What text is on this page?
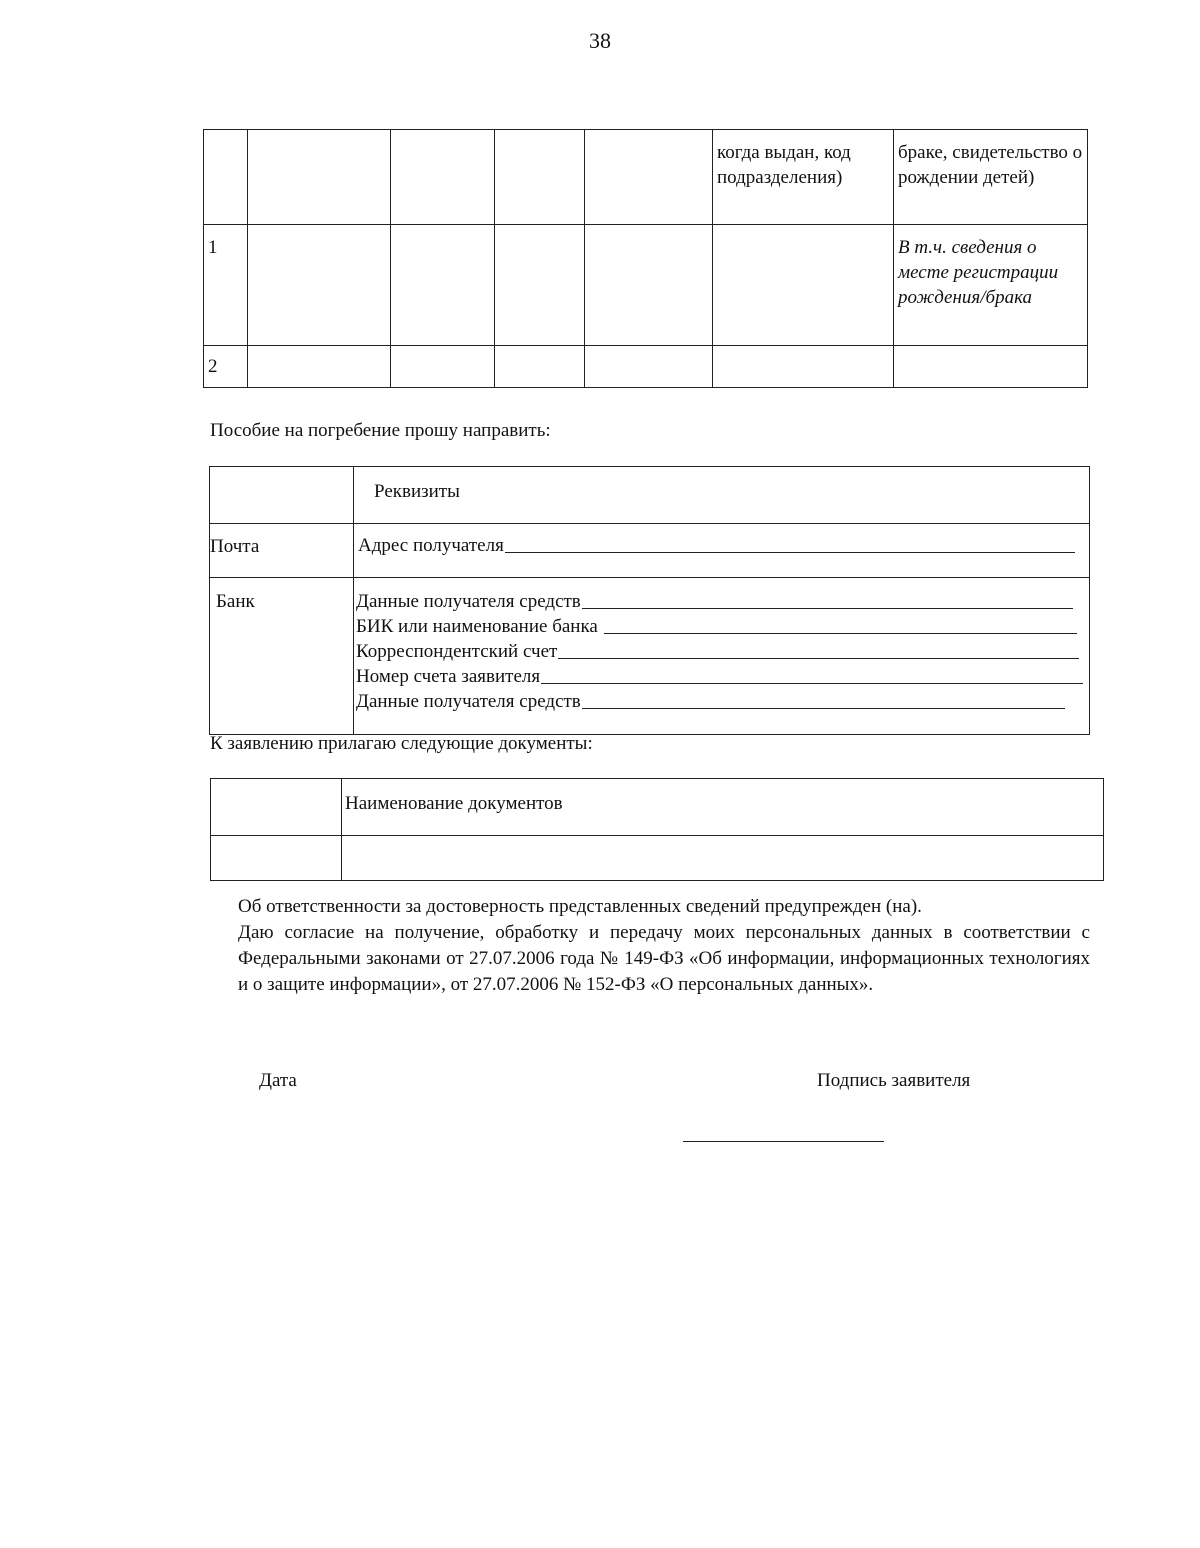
38
					когда выдан, код подразделения)	браке, свидетельство о рождении детей)
1						В т.ч. сведения о месте регистрации рождения/брака
2						
Пособие на погребение прошу направить:
	Реквизиты
Почта	Адрес получателя

Банк	Данные получателя средств
БИК или наименование банка
Корреспондентский счет
Номер счета заявителя
Данные получателя средств
К заявлению прилагаю следующие документы:
	Наименование документов

Об ответственности за достоверность представленных сведений предупрежден (на).

Даю согласие на получение, обработку и передачу моих персональных данных в соответствии с Федеральными законами от 27.07.2006 года № 149-ФЗ «Об информации, информационных технологиях и о защите информации», от 27.07.2006 № 152-ФЗ «О персональных данных».

Дата	Подпись заявителя
